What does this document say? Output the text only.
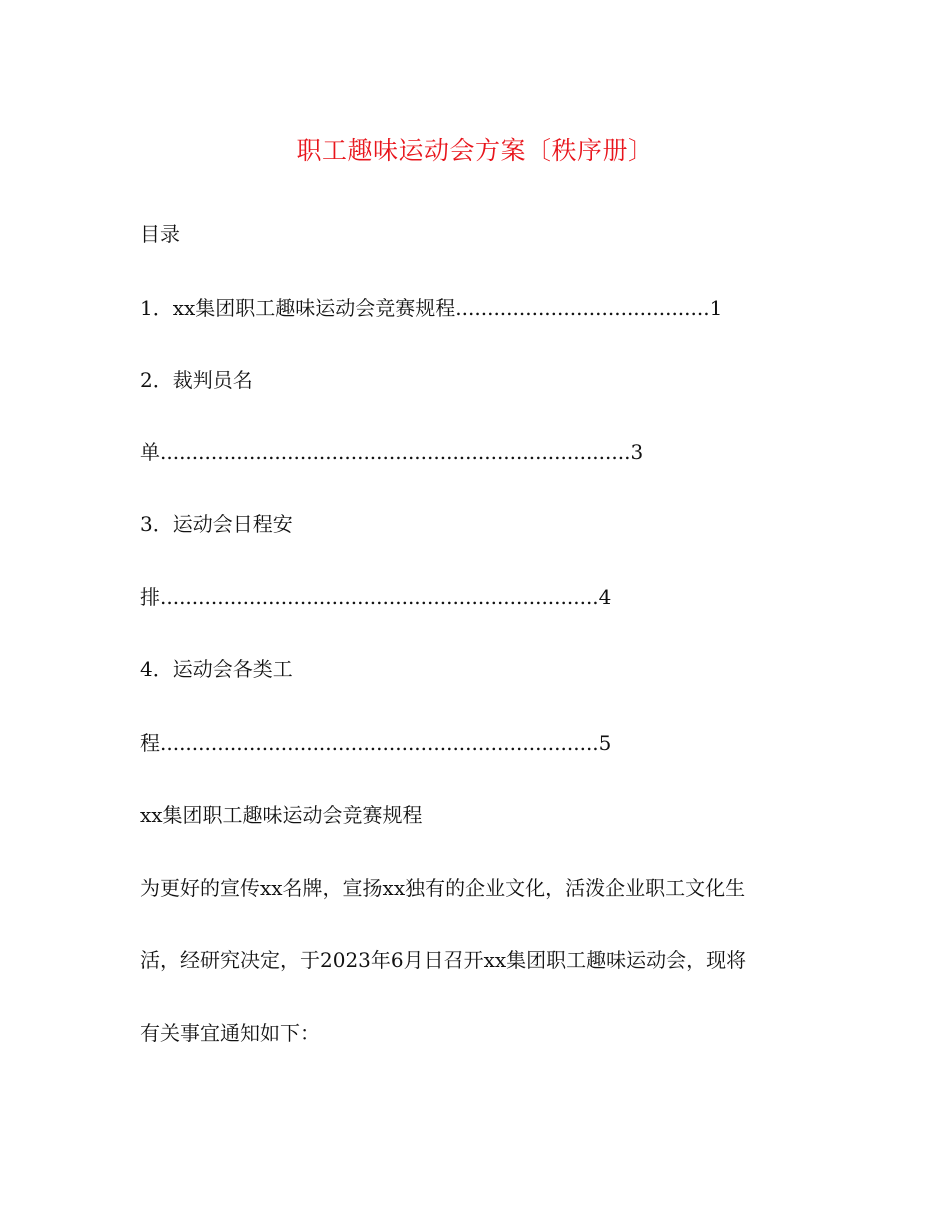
职工趣味运动会方案〔秩序册〕
目录
1．xx集团职工趣味运动会竞赛规程........................................1
2．裁判员名
单..........................................................................3
3．运动会日程安
排.....................................................................4
4．运动会各类工
程.....................................................................5
xx集团职工趣味运动会竞赛规程
为更好的宣传xx名牌，宣扬xx独有的企业文化，活泼企业职工文化生
活，经研究决定，于2023年6月日召开xx集团职工趣味运动会，现将
有关事宜通知如下：
